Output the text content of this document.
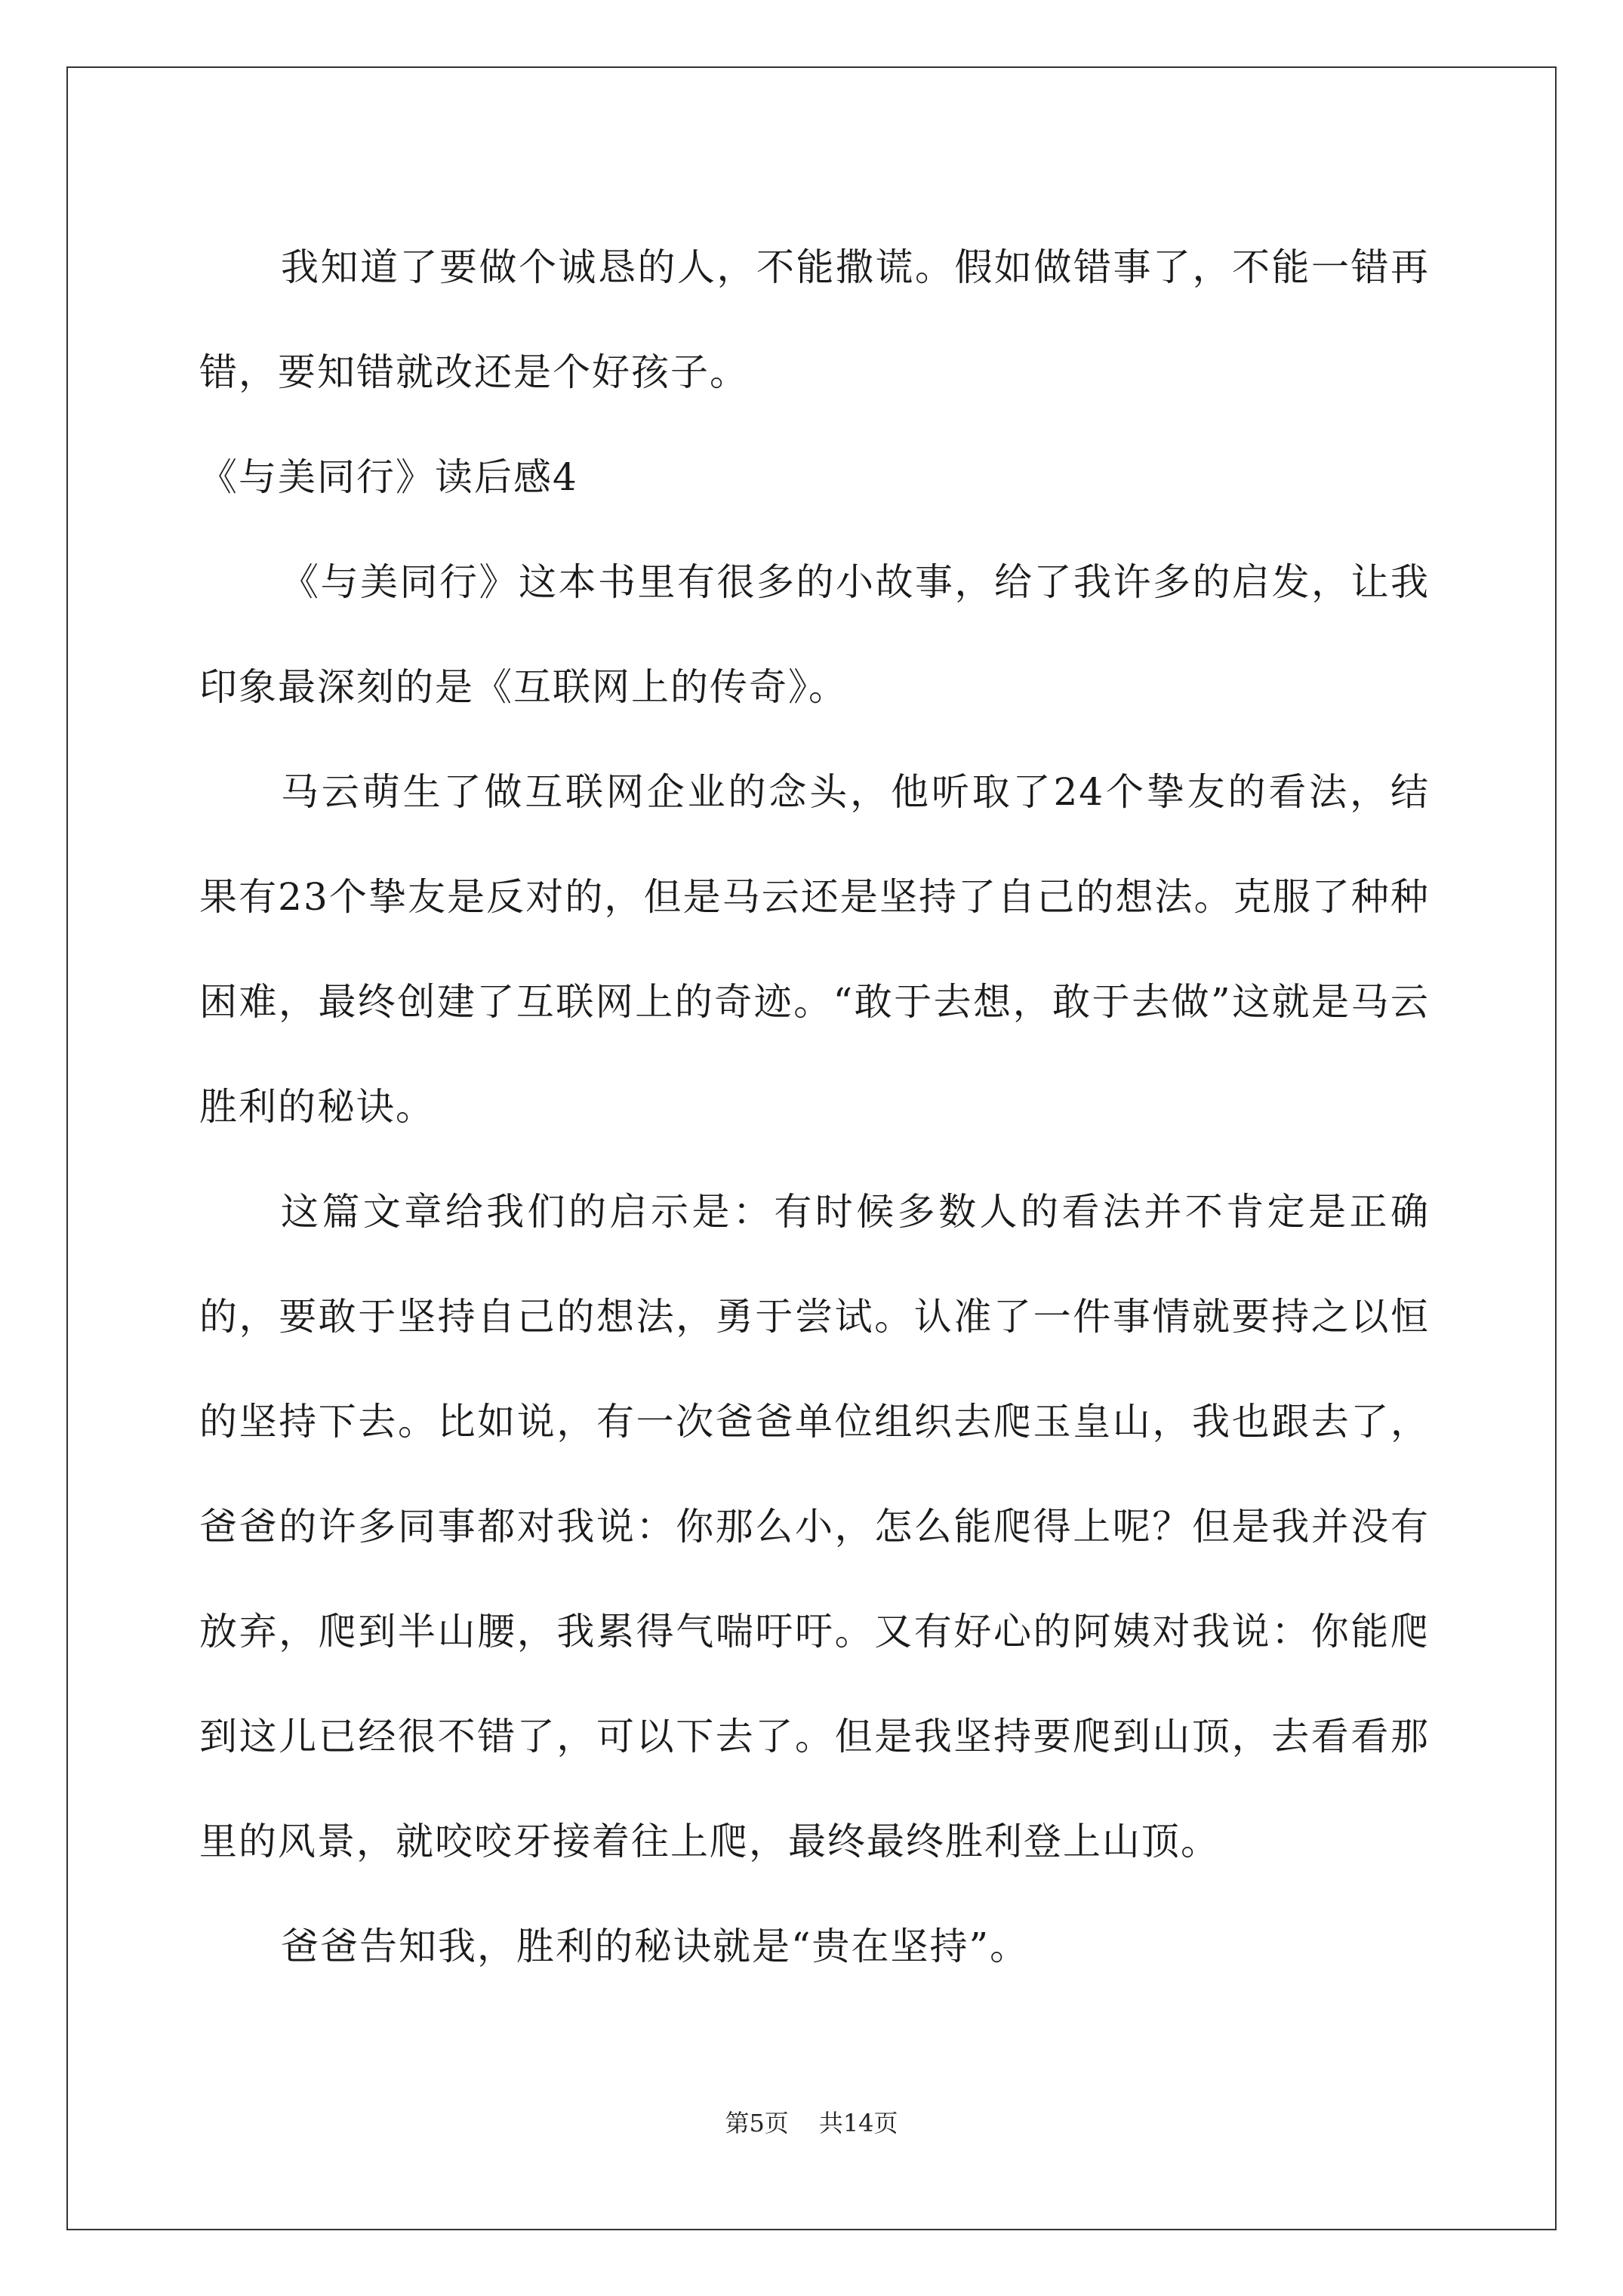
我知道了要做个诚恳的人，不能撒谎。假如做错事了，不能一错再错，要知错就改还是个好孩子。

《与美同行》读后感4

《与美同行》这本书里有很多的小故事，给了我许多的启发，让我印象最深刻的是《互联网上的传奇》。

马云萌生了做互联网企业的念头，他听取了24个挚友的看法，结果有23个挚友是反对的，但是马云还是坚持了自己的想法。克服了种种困难，最终创建了互联网上的奇迹。“敢于去想，敢于去做”这就是马云胜利的秘诀。

这篇文章给我们的启示是：有时候多数人的看法并不肯定是正确的，要敢于坚持自己的想法，勇于尝试。认准了一件事情就要持之以恒的坚持下去。比如说，有一次爸爸单位组织去爬玉皇山，我也跟去了，爸爸的许多同事都对我说：你那么小，怎么能爬得上呢？但是我并没有放弃，爬到半山腰，我累得气喘吁吁。又有好心的阿姨对我说：你能爬到这儿已经很不错了，可以下去了。但是我坚持要爬到山顶，去看看那里的风景，就咬咬牙接着往上爬，最终最终胜利登上山顶。

爸爸告知我，胜利的秘诀就是“贵在坚持”。

第5页 共14页
